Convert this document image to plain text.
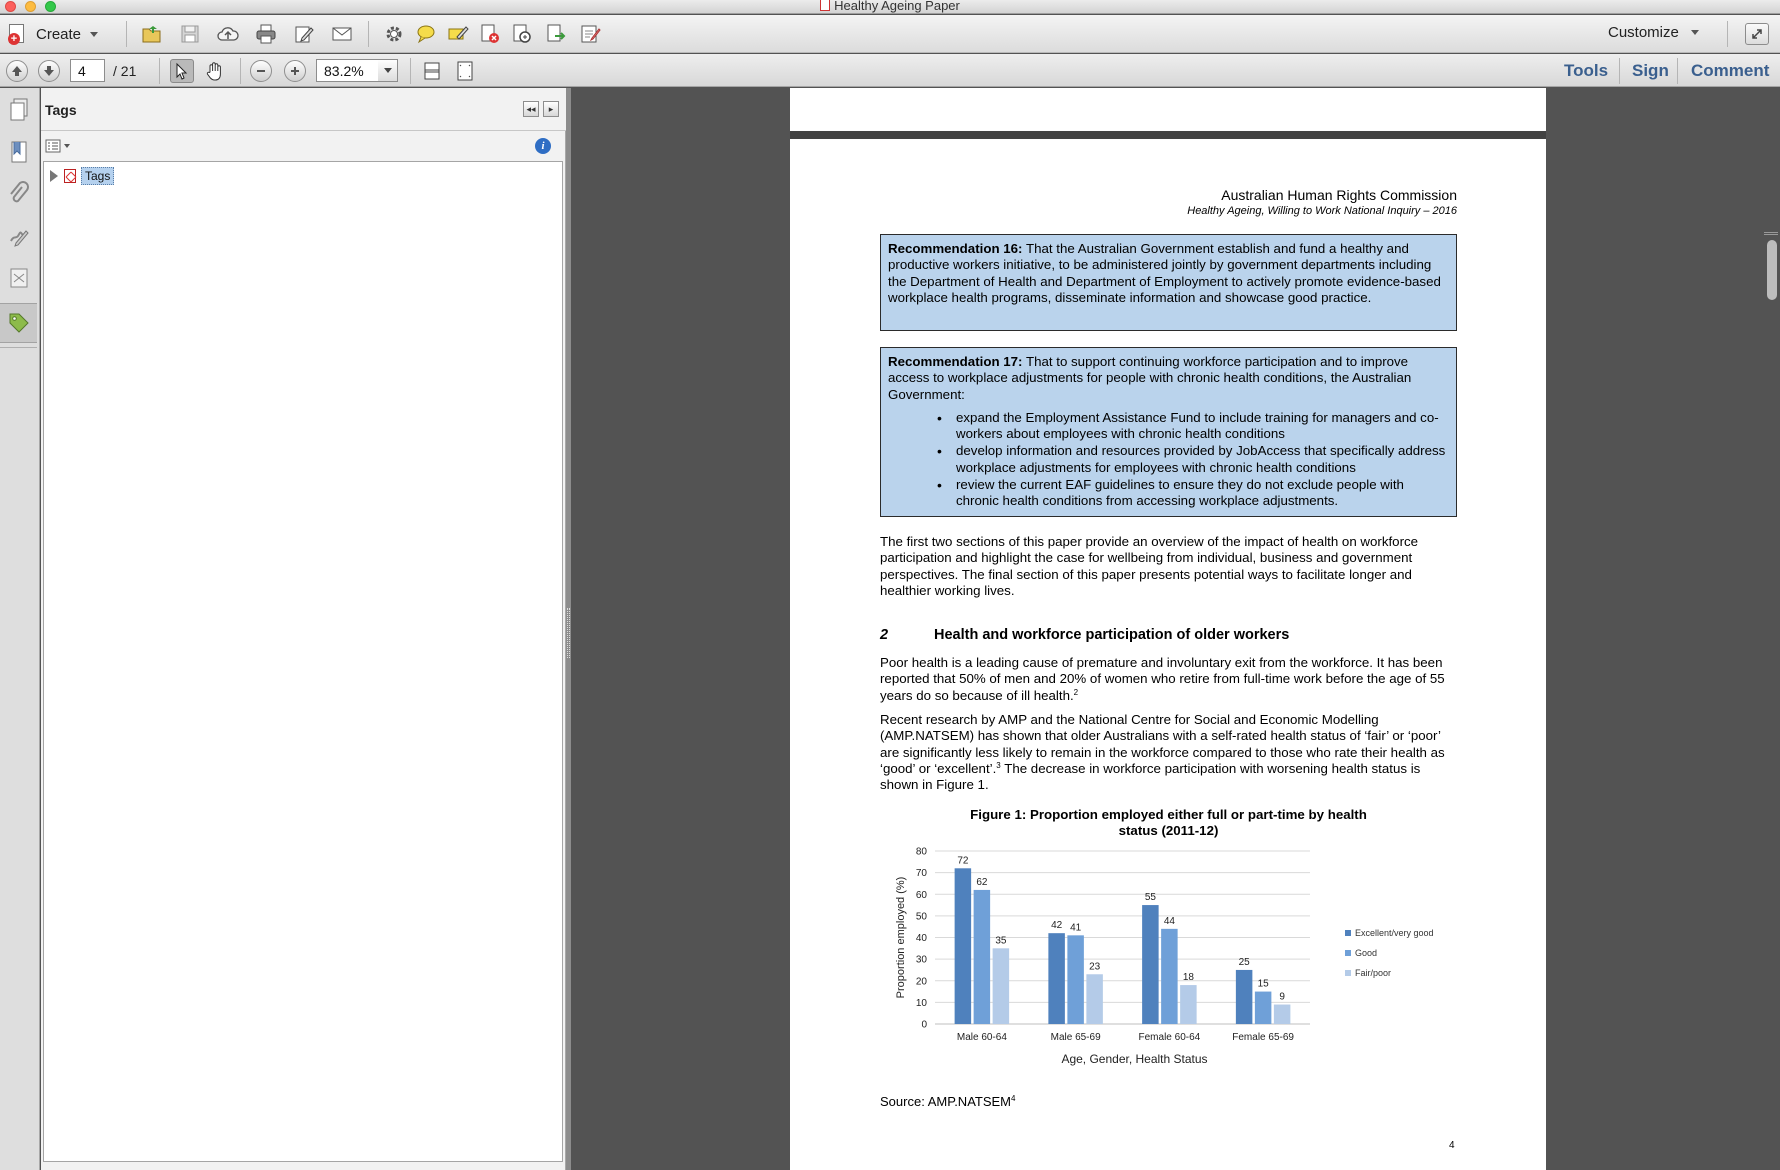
Healthy Ageing Paper
+ Create	Customize
4
/ 21
83.2%	Tools Sign Comment
Tags	◂◂	▸
i
Tags
Australian Human Rights Commission
Healthy Ageing, Willing to Work National Inquiry – 2016
Recommendation 16: That the Australian Government establish and fund a healthy and productive workers initiative, to be administered jointly by government departments including the Department of Health and Department of Employment to actively promote evidence-based workplace health programs, disseminate information and showcase good practice.
Recommendation 17: That to support continuing workforce participation and to improve access to workplace adjustments for people with chronic health conditions, the Australian Government:
• expand the Employment Assistance Fund to include training for managers and co-workers about employees with chronic health conditions
• develop information and resources provided by JobAccess that specifically address workplace adjustments for employees with chronic health conditions
• review the current EAF guidelines to ensure they do not exclude people with chronic health conditions from accessing workplace adjustments.
The first two sections of this paper provide an overview of the impact of health on workforce participation and highlight the case for wellbeing from individual, business and government perspectives. The final section of this paper presents potential ways to facilitate longer and healthier working lives.
2	Health and workforce participation of older workers
Poor health is a leading cause of premature and involuntary exit from the workforce. It has been reported that 50% of men and 20% of women who retire from full-time work before the age of 55 years do so because of ill health.$^2$
Recent research by AMP and the National Centre for Social and Economic Modelling (AMP.NATSEM) has shown that older Australians with a self-rated health status of ‘fair’ or ‘poor’ are significantly less likely to remain in the workforce compared to those who rate their health as ‘good’ or ‘excellent’.$^3$ The decrease in workforce participation with worsening health status is shown in Figure 1.
Figure 1: Proportion employed either full or part-time by health
status (2011-12)
0
10
20
30
40
50
60
70
80
72
62
35
Male 60-64
42 41
23
Male 65-69
55
44
18
Female 60-64
25
15
9
Female 65-69
Proportion employed (%)
Age, Gender, Health Status
Excellent/very good
Good
Fair/poor
Source: AMP.NATSEM$^4$
4
